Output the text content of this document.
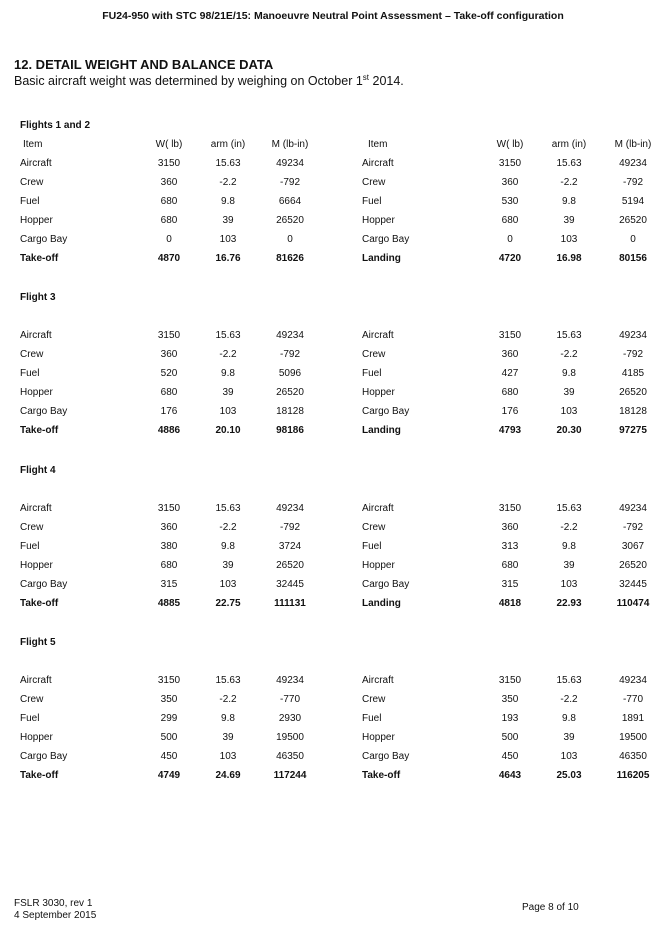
FU24-950 with STC 98/21E/15: Manoeuvre Neutral Point Assessment – Take-off configuration
12. DETAIL WEIGHT AND BALANCE DATA
Basic aircraft weight was determined by weighing on October 1st 2014.
Flights 1 and 2
Item	W( lb)	arm (in)	M (lb-in)	Item	W( lb)	arm (in)	M (lb-in)
Aircraft	3150	15.63	49234	Aircraft	3150	15.63	49234
Crew	360	-2.2	-792	Crew	360	-2.2	-792
Fuel	680	9.8	6664	Fuel	530	9.8	5194
Hopper	680	39	26520	Hopper	680	39	26520
Cargo Bay	0	103	0	Cargo Bay	0	103	0
Take-off	4870	16.76	81626	Landing	4720	16.98	80156
Flight 3
Aircraft	3150	15.63	49234	Aircraft	3150	15.63	49234
Crew	360	-2.2	-792	Crew	360	-2.2	-792
Fuel	520	9.8	5096	Fuel	427	9.8	4185
Hopper	680	39	26520	Hopper	680	39	26520
Cargo Bay	176	103	18128	Cargo Bay	176	103	18128
Take-off	4886	20.10	98186	Landing	4793	20.30	97275
Flight 4
Aircraft	3150	15.63	49234	Aircraft	3150	15.63	49234
Crew	360	-2.2	-792	Crew	360	-2.2	-792
Fuel	380	9.8	3724	Fuel	313	9.8	3067
Hopper	680	39	26520	Hopper	680	39	26520
Cargo Bay	315	103	32445	Cargo Bay	315	103	32445
Take-off	4885	22.75	111131	Landing	4818	22.93	110474
Flight 5
Aircraft	3150	15.63	49234	Aircraft	3150	15.63	49234
Crew	350	-2.2	-770	Crew	350	-2.2	-770
Fuel	299	9.8	2930	Fuel	193	9.8	1891
Hopper	500	39	19500	Hopper	500	39	19500
Cargo Bay	450	103	46350	Cargo Bay	450	103	46350
Take-off	4749	24.69	117244	Take-off	4643	25.03	116205
FSLR 3030, rev 1
4 September 2015
Page 8 of 10
